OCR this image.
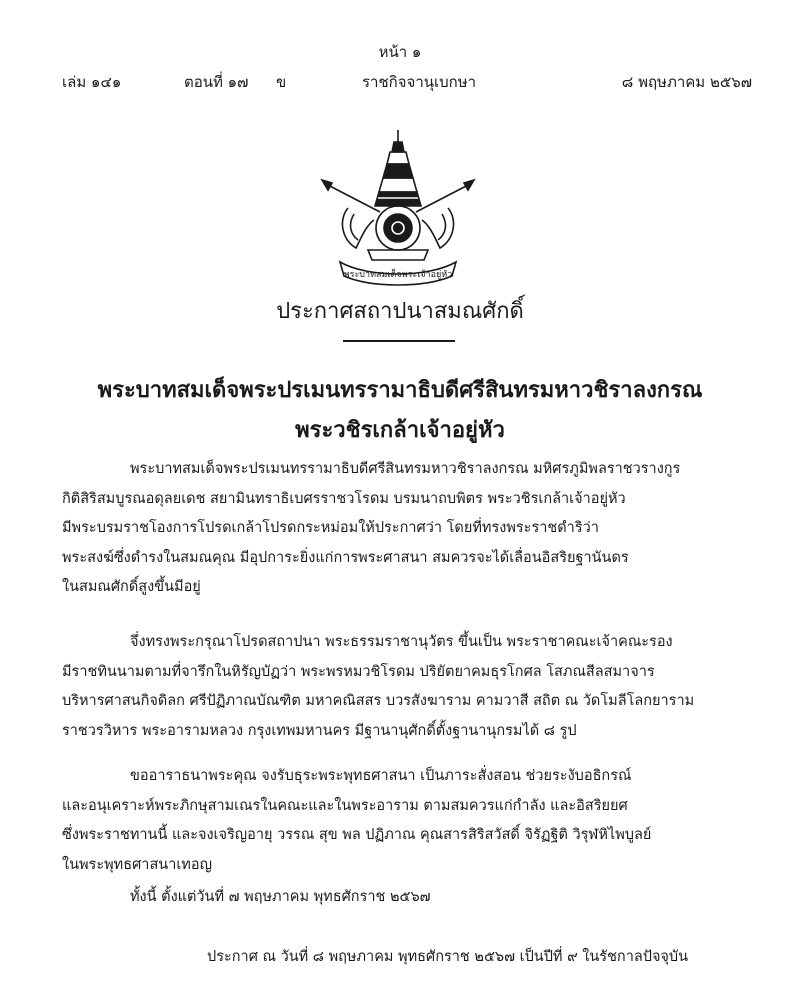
หน้า ๑
เล่ม ๑๔๑	ตอนที่ ๑๗ ข	ราชกิจจานุเบกษา	๘ พฤษภาคม ๒๕๖๗
พระบาทสมเด็จพระเจ้าอยู่หัว
ประกาศสถาปนาสมณศักดิ์
พระบาทสมเด็จพระปรเมนทรรามาธิบดีศรีสินทรมหาวชิราลงกรณ
พระวชิรเกล้าเจ้าอยู่หัว
พระบาทสมเด็จพระปรเมนทรรามาธิบดีศรีสินทรมหาวชิราลงกรณ มหิศรภูมิพลราชวรางกูร
กิติสิริสมบูรณอดุลยเดช สยามินทราธิเบศรราชวโรดม บรมนาถบพิตร พระวชิรเกล้าเจ้าอยู่หัว
มีพระบรมราชโองการโปรดเกล้าโปรดกระหม่อมให้ประกาศว่า โดยที่ทรงพระราชดำริว่า
พระสงฆ์ซึ่งดำรงในสมณคุณ มีอุปการะยิ่งแก่การพระศาสนา สมควรจะได้เลื่อนอิสริยฐานันดร
ในสมณศักดิ์สูงขึ้นมีอยู่
จึ่งทรงพระกรุณาโปรดสถาปนา พระธรรมราชานุวัตร ขึ้นเป็น พระราชาคณะเจ้าคณะรอง
มีราชทินนามตามที่จารึกในหิรัญบัฏว่า พระพรหมวชิโรดม ปริยัตยาคมธุรโกศล โสภณสีลสมาจาร
บริหารศาสนกิจดิลก ศรีปัฏิภาณบัณฑิต มหาคณิสสร บวรสังฆาราม คามวาสี สถิต ณ วัดโมลีโลกยาราม
ราชวรวิหาร พระอารามหลวง กรุงเทพมหานคร มีฐานานุศักดิ์ตั้งฐานานุกรมได้ ๘ รูป
ขออาราธนาพระคุณ จงรับธุระพระพุทธศาสนา เป็นภาระสั่งสอน ช่วยระงับอธิกรณ์
และอนุเคราะห์พระภิกษุสามเณรในคณะและในพระอาราม ตามสมควรแก่กำลัง และอิสริยยศ
ซึ่งพระราชทานนี้ และจงเจริญอายุ วรรณ สุข พล ปฏิภาณ คุณสารสิริสวัสดิ์ จิรัฏฐิติ วิรุฬหิไพบูลย์
ในพระพุทธศาสนาเทอญ
ทั้งนี้ ตั้งแต่วันที่ ๗ พฤษภาคม พุทธศักราช ๒๕๖๗
ประกาศ ณ วันที่ ๘ พฤษภาคม พุทธศักราช ๒๕๖๗ เป็นปีที่ ๙ ในรัชกาลปัจจุบัน
